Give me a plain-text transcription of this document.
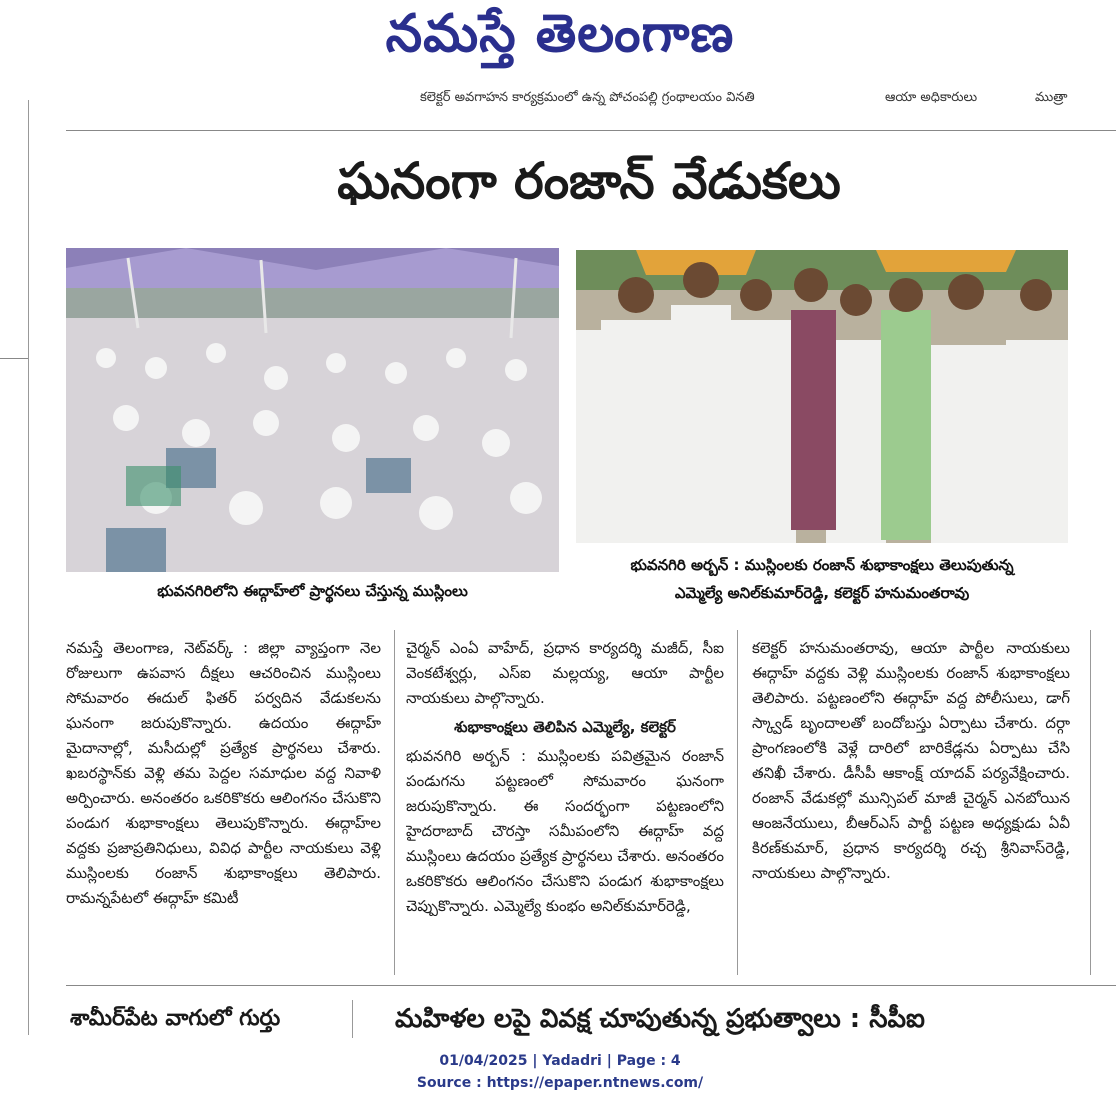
నమస్తే తెలంగాణ
కలెక్టర్ అవగాహన కార్యక్రమంలో ఉన్న పోచంపల్లి గ్రంథాలయం వినతి	ఆయా అధికారులు	ముత్రా
ఘనంగా రంజాన్ వేడుకలు
భువనగిరిలోని ఈద్గాహ్‌లో ప్రార్థనలు చేస్తున్న ముస్లింలు
భువనగిరి అర్బన్ : ముస్లింలకు రంజాన్ శుభాకాంక్షలు తెలుపుతున్న
ఎమ్మెల్యే అనిల్‌కుమార్‌రెడ్డి, కలెక్టర్ హనుమంతరావు

నమస్తే తెలంగాణ, నెట్‌వర్క్ : జిల్లా వ్యాప్తంగా నెల రోజులుగా ఉపవాస దీక్షలు ఆచరించిన ముస్లింలు సోమవారం ఈదుల్ ఫితర్ పర్వదిన వేడుకలను ఘనంగా జరుపుకొన్నారు. ఉదయం ఈద్గాహ్ మైదానాల్లో, మసీదుల్లో ప్రత్యేక ప్రార్థనలు చేశారు. ఖబరస్థాన్‌కు వెళ్లి తమ పెద్దల సమాధుల వద్ద నివాళి అర్పించారు. అనంతరం ఒకరికొకరు ఆలింగనం చేసుకొని పండుగ శుభాకాంక్షలు తెలుపుకొన్నారు. ఈద్గాహ్‌ల వద్దకు ప్రజాప్రతినిధులు, వివిధ పార్టీల నాయకులు వెళ్లి ముస్లింలకు రంజాన్ శుభాకాంక్షలు తెలిపారు. రామన్నపేటలో ఈద్గాహ్ కమిటీ

చైర్మన్ ఎంఏ వాహేద్, ప్రధాన కార్యదర్శి మజీద్, సీఐ వెంకటేశ్వర్లు, ఎస్‌ఐ మల్లయ్య, ఆయా పార్టీల నాయకులు పాల్గొన్నారు.

శుభాకాంక్షలు తెలిపిన ఎమ్మెల్యే, కలెక్టర్

భువనగిరి అర్బన్ : ముస్లింలకు పవిత్రమైన రంజాన్ పండుగను పట్టణంలో సోమవారం ఘనంగా జరుపుకొన్నారు. ఈ సందర్భంగా పట్టణంలోని హైదరాబాద్ చౌరస్తా సమీపంలోని ఈద్గాహ్ వద్ద ముస్లింలు ఉదయం ప్రత్యేక ప్రార్థనలు చేశారు. అనంతరం ఒకరికొకరు ఆలింగనం చేసుకొని పండుగ శుభాకాంక్షలు చెప్పుకొన్నారు. ఎమ్మెల్యే కుంభం అనిల్‌కుమార్‌రెడ్డి,

కలెక్టర్ హనుమంతరావు, ఆయా పార్టీల నాయకులు ఈద్గాహ్ వద్దకు వెళ్లి ముస్లింలకు రంజాన్ శుభాకాంక్షలు తెలిపారు. పట్టణంలోని ఈద్గాహ్ వద్ద పోలీసులు, డాగ్ స్క్వాడ్ బృందాలతో బందోబస్తు ఏర్పాటు చేశారు. దర్గా ప్రాంగణంలోకి వెళ్లే దారిలో బారికేడ్లను ఏర్పాటు చేసి తనిఖీ చేశారు. డీసీపీ ఆకాంక్ష్ యాదవ్ పర్యవేక్షించారు. రంజాన్ వేడుకల్లో మున్సిపల్ మాజీ చైర్మన్ ఎనబోయిన ఆంజనేయులు, బీఆర్‌ఎస్ పార్టీ పట్టణ అధ్యక్షుడు ఏవీ కిరణ్‌కుమార్, ప్రధాన కార్యదర్శి రచ్చ శ్రీనివాస్‌రెడ్డి, నాయకులు పాల్గొన్నారు.

శామీర్‌పేట వాగులో గుర్తు	మహిళల లపై వివక్ష చూపుతున్న ప్రభుత్వాలు : సీపీఐ
01/04/2025 | Yadadri | Page : 4
Source : https://epaper.ntnews.com/
